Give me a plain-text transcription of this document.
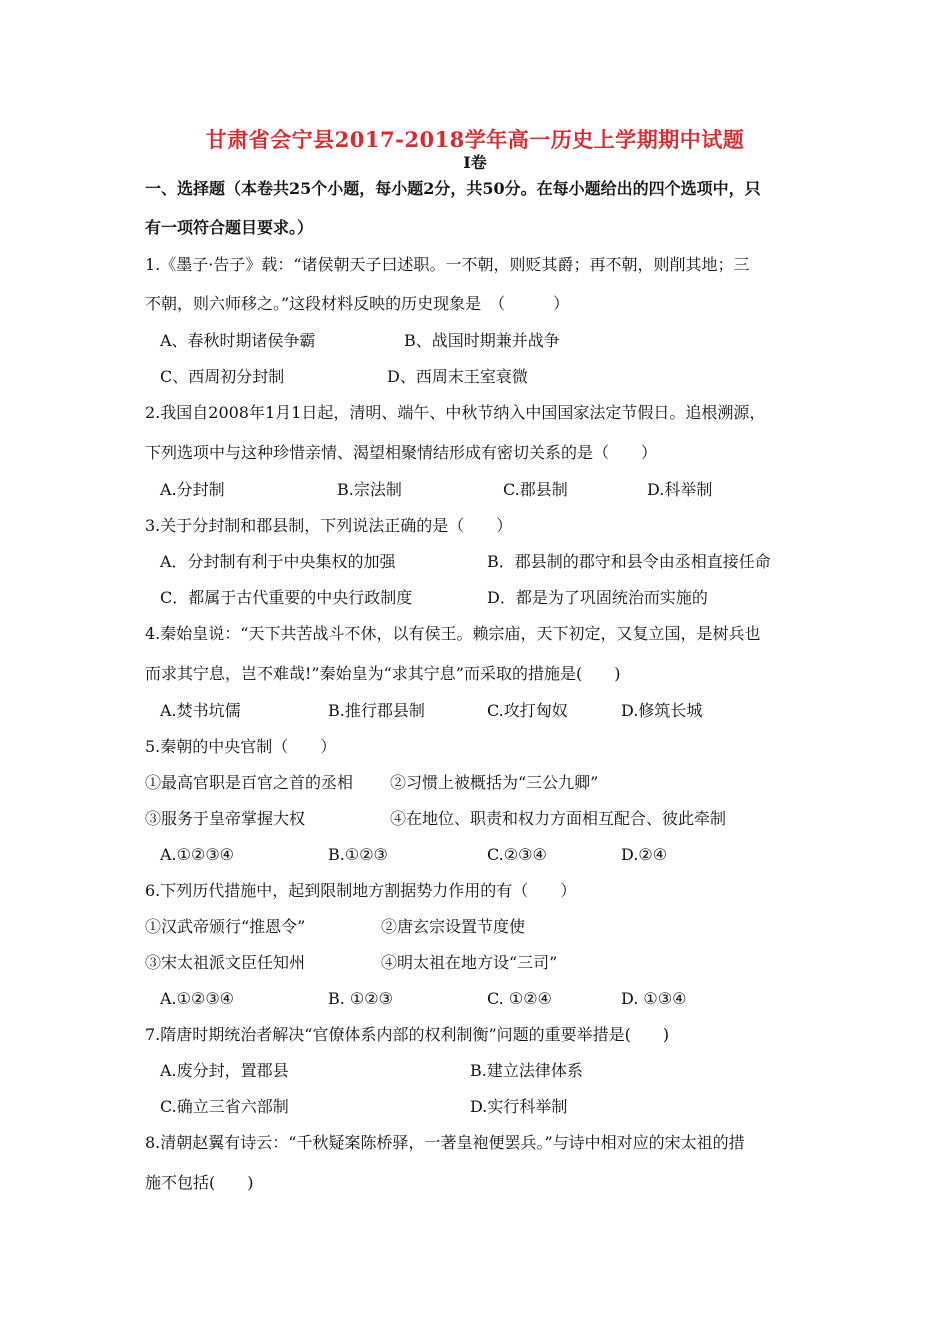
甘肃省会宁县2017-2018学年高一历史上学期期中试题
Ⅰ卷
一、选择题（本卷共25个小题，每小题2分，共50分。在每小题给出的四个选项中，只
有一项符合题目要求。）
1.《墨子·告子》载：“诸侯朝天子曰述职。一不朝，则贬其爵；再不朝，则削其地；三
不朝，则六师移之。”这段材料反映的历史现象是　（　　　）
A、春秋时期诸侯争霸	B、战国时期兼并战争
C、西周初分封制	D、西周末王室衰微
2.我国自2008年1月1日起，清明、端午、中秋节纳入中国国家法定节假日。追根溯源，
下列选项中与这种珍惜亲情、渴望相聚情结形成有密切关系的是（　　）
A.分封制	B.宗法制	C.郡县制	D.科举制
3.关于分封制和郡县制，下列说法正确的是（　　）
A．分封制有利于中央集权的加强	B．郡县制的郡守和县令由丞相直接任命
C．都属于古代重要的中央行政制度	D．都是为了巩固统治而实施的
4.秦始皇说：“天下共苦战斗不休，以有侯王。赖宗庙，天下初定，又复立国，是树兵也
而求其宁息，岂不难哉!”秦始皇为“求其宁息”而采取的措施是(　　)
A.焚书坑儒	B.推行郡县制	C.攻打匈奴	D.修筑长城
5.秦朝的中央官制（　　）
①最高官职是百官之首的丞相 ②习惯上被概括为“三公九卿”
③服务于皇帝掌握大权	④在地位、职责和权力方面相互配合、彼此牵制
A.①②③④	B.①②③	C.②③④	D.②④
6.下列历代措施中，起到限制地方割据势力作用的有（　　）
①汉武帝颁行“推恩令”	②唐玄宗设置节度使
③宋太祖派文臣任知州	④明太祖在地方设“三司”
A.①②③④	B. ①②③	C. ①②④	D. ①③④
7.隋唐时期统治者解决“官僚体系内部的权利制衡”问题的重要举措是(　　)
A.废分封，置郡县	B.建立法律体系
C.确立三省六部制	D.实行科举制
8.清朝赵翼有诗云：“千秋疑案陈桥驿，一著皇袍便罢兵。”与诗中相对应的宋太祖的措
施不包括(　　)
